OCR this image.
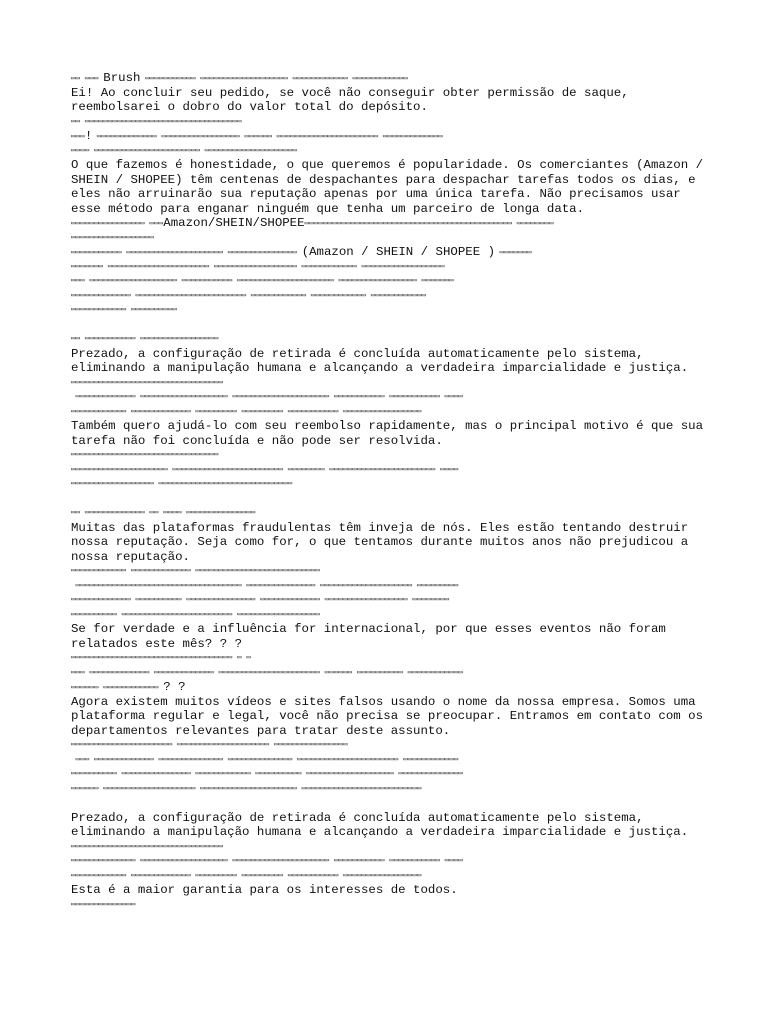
▭▭ ▭▭▭ Brush ▭▭▭▭▭▭▭▭▭▭▭ ▭▭▭▭▭▭▭▭▭▭▭▭▭▭▭▭▭▭▭ ▭▭▭▭▭▭▭▭▭▭▭▭ ▭▭▭▭▭▭▭▭▭▭▭▭
Ei! Ao concluir seu pedido, se você não conseguir obter permissão de saque, reembolsarei o dobro do valor total do depósito.
▭▭ ▭▭▭▭▭▭▭▭▭▭▭▭▭▭▭▭▭▭▭▭▭▭▭▭▭▭▭▭▭▭▭▭▭▭
▭▭▭! ▭▭▭▭▭▭▭▭▭▭▭▭▭ ▭▭▭▭▭▭▭▭▭▭▭▭▭▭▭▭▭ ▭▭▭▭▭▭ ▭▭▭▭▭▭▭▭▭▭▭▭▭▭▭▭▭▭▭▭▭▭ ▭▭▭▭▭▭▭▭▭▭▭▭▭
▭▭▭▭ ▭▭▭▭▭▭▭▭▭▭▭▭▭▭▭▭▭▭▭▭▭▭▭ ▭▭▭▭▭▭▭▭▭▭▭▭▭▭▭▭▭▭▭▭
O que fazemos é honestidade, o que queremos é popularidade. Os comerciantes (Amazon / SHEIN / SHOPEE) têm centenas de despachantes para despachar tarefas todos os dias, e eles não arruinarão sua reputação apenas por uma única tarefa. Não precisamos usar esse método para enganar ninguém que tenha um parceiro de longa data.
▭▭▭▭▭▭▭▭▭▭▭▭▭▭▭▭ ▭▭▭Amazon/SHEIN/SHOPEE▭▭▭▭▭▭▭▭▭▭▭▭▭▭▭▭▭▭▭▭▭▭▭▭▭▭▭▭▭▭▭▭▭▭▭▭▭▭▭▭▭▭▭▭▭ ▭▭▭▭▭▭▭▭
▭▭▭▭▭▭▭▭▭▭▭▭▭▭▭▭▭▭
▭▭▭▭▭▭▭▭▭▭▭ ▭▭▭▭▭▭▭▭▭▭▭▭▭▭▭▭▭▭▭▭▭ ▭▭▭▭▭▭▭▭▭▭▭▭▭▭▭ (Amazon / SHEIN / SHOPEE ) ▭▭▭▭▭▭▭
▭▭▭▭▭▭▭ ▭▭▭▭▭▭▭▭▭▭▭▭▭▭▭▭▭▭▭▭▭▭ ▭▭▭▭▭▭▭▭▭▭▭▭▭▭▭▭▭▭ ▭▭▭▭▭▭▭▭▭▭▭▭ ▭▭▭▭▭▭▭▭▭▭▭▭▭▭▭▭▭▭
▭▭▭ ▭▭▭▭▭▭▭▭▭▭▭▭▭▭▭▭▭▭▭ ▭▭▭▭▭▭▭▭▭▭▭ ▭▭▭▭▭▭▭▭▭▭▭▭▭▭▭▭▭▭▭▭▭ ▭▭▭▭▭▭▭▭▭▭▭▭▭▭▭▭▭ ▭▭▭▭▭▭▭
▭▭▭▭▭▭▭▭▭▭▭▭▭ ▭▭▭▭▭▭▭▭▭▭▭▭▭▭▭▭▭▭▭▭▭▭▭▭ ▭▭▭▭▭▭▭▭▭▭▭▭ ▭▭▭▭▭▭▭▭▭▭▭▭ ▭▭▭▭▭▭▭▭▭▭▭▭
▭▭▭▭▭▭▭▭▭▭▭▭ ▭▭▭▭▭▭▭▭▭▭
▭▭ ▭▭▭▭▭▭▭▭▭▭▭ ▭▭▭▭▭▭▭▭▭▭▭▭▭▭▭▭▭
Prezado, a configuração de retirada é concluída automaticamente pelo sistema, eliminando a manipulação humana e alcançando a verdadeira imparcialidade e justiça.
▭▭▭▭▭▭▭▭▭▭▭▭▭▭▭▭▭▭▭▭▭▭▭▭▭▭▭▭▭▭▭▭▭
▭▭▭▭▭▭▭▭▭▭▭▭▭ ▭▭▭▭▭▭▭▭▭▭▭▭▭▭▭▭▭▭▭ ▭▭▭▭▭▭▭▭▭▭▭▭▭▭▭▭▭▭▭▭▭ ▭▭▭▭▭▭▭▭▭▭▭ ▭▭▭▭▭▭▭▭▭▭▭ ▭▭▭▭
▭▭▭▭▭▭▭▭▭▭▭▭ ▭▭▭▭▭▭▭▭▭▭▭▭▭ ▭▭▭▭▭▭▭▭▭ ▭▭▭▭▭▭▭▭▭ ▭▭▭▭▭▭▭▭▭▭▭ ▭▭▭▭▭▭▭▭▭▭▭▭▭▭▭▭▭
Também quero ajudá-lo com seu reembolso rapidamente, mas o principal motivo é que sua tarefa não foi concluída e não pode ser resolvida.
▭▭▭▭▭▭▭▭▭▭▭▭▭▭▭▭▭▭▭▭▭▭▭▭▭▭▭▭▭▭▭▭
▭▭▭▭▭▭▭▭▭▭▭▭▭▭▭▭▭▭▭▭▭ ▭▭▭▭▭▭▭▭▭▭▭▭▭▭▭▭▭▭▭▭▭▭▭▭ ▭▭▭▭▭▭▭▭ ▭▭▭▭▭▭▭▭▭▭▭▭▭▭▭▭▭▭▭▭▭▭▭ ▭▭▭▭
▭▭▭▭▭▭▭▭▭▭▭▭▭▭▭▭▭▭ ▭▭▭▭▭▭▭▭▭▭▭▭▭▭▭▭▭▭▭▭▭▭▭▭▭▭▭▭▭
▭▭ ▭▭▭▭▭▭▭▭▭▭▭▭▭ ▭▭ ▭▭▭▭ ▭▭▭▭▭▭▭▭▭▭▭▭▭▭▭
Muitas das plataformas fraudulentas têm inveja de nós. Eles estão tentando destruir nossa reputação. Seja como for, o que tentamos durante muitos anos não prejudicou a nossa reputação.
▭▭▭▭▭▭▭▭▭▭▭▭ ▭▭▭▭▭▭▭▭▭▭▭▭▭ ▭▭▭▭▭▭▭▭▭▭▭▭▭▭▭▭▭▭▭▭▭▭▭▭▭▭▭
▭▭▭▭▭▭▭▭▭▭▭▭▭▭▭▭▭▭▭▭▭▭▭▭▭▭▭▭▭▭▭▭▭▭▭▭ ▭▭▭▭▭▭▭▭▭▭▭▭▭▭▭ ▭▭▭▭▭▭▭▭▭▭▭▭▭▭▭▭▭▭▭▭ ▭▭▭▭▭▭▭▭▭
▭▭▭▭▭▭▭▭▭▭▭▭▭ ▭▭▭▭▭▭▭▭▭▭ ▭▭▭▭▭▭▭▭▭▭▭▭▭▭▭ ▭▭▭▭▭▭▭▭▭▭▭▭▭ ▭▭▭▭▭▭▭▭▭▭▭▭▭▭▭▭▭▭ ▭▭▭▭▭▭▭▭
▭▭▭▭▭▭▭▭▭▭ ▭▭▭▭▭▭▭▭▭▭▭▭▭▭▭▭▭▭▭▭▭▭▭▭ ▭▭▭▭▭▭▭▭▭▭▭▭▭▭▭▭▭▭
Se for verdade e a influência for internacional, por que esses eventos não foram relatados este mês? ? ?
▭▭▭▭▭▭▭▭▭▭▭▭▭▭▭▭▭▭▭▭▭▭▭▭▭▭▭▭▭▭▭▭▭▭▭ ▭ ▭
▭▭▭ ▭▭▭▭▭▭▭▭▭▭▭▭▭ ▭▭▭▭▭▭▭▭▭▭▭▭▭ ▭▭▭▭▭▭▭▭▭▭▭▭▭▭▭▭▭▭▭▭▭▭ ▭▭▭▭▭▭ ▭▭▭▭▭▭▭▭▭▭ ▭▭▭▭▭▭▭▭▭▭▭▭
▭▭▭▭▭▭ ▭▭▭▭▭▭▭▭▭▭▭▭ ? ?
Agora existem muitos vídeos e sites falsos usando o nome da nossa empresa. Somos uma plataforma regular e legal, você não precisa se preocupar. Entramos em contato com os departamentos relevantes para tratar deste assunto.
▭▭▭▭▭▭▭▭▭▭▭▭▭▭▭▭▭▭▭▭▭▭ ▭▭▭▭▭▭▭▭▭▭▭▭▭▭▭▭▭▭▭▭ ▭▭▭▭▭▭▭▭▭▭▭▭▭▭▭▭
▭▭▭ ▭▭▭▭▭▭▭▭▭▭▭▭▭ ▭▭▭▭▭▭▭▭▭▭▭▭▭▭ ▭▭▭▭▭▭▭▭▭▭▭▭▭▭ ▭▭▭▭▭▭▭▭▭▭▭▭▭▭▭▭▭▭▭▭▭▭ ▭▭▭▭▭▭▭▭▭▭▭▭
▭▭▭▭▭▭▭▭▭▭ ▭▭▭▭▭▭▭▭▭▭▭▭▭▭▭ ▭▭▭▭▭▭▭▭▭▭▭▭ ▭▭▭▭▭▭▭▭▭▭ ▭▭▭▭▭▭▭▭▭▭▭▭▭▭▭▭▭▭▭ ▭▭▭▭▭▭▭▭▭▭▭▭▭▭
▭▭▭▭▭▭ ▭▭▭▭▭▭▭▭▭▭▭▭▭▭▭▭▭▭▭▭ ▭▭▭▭▭▭▭▭▭▭▭▭▭▭▭▭▭▭▭▭▭ ▭▭▭▭▭▭▭▭▭▭▭▭▭▭▭▭▭▭▭▭▭▭▭▭▭▭
Prezado, a configuração de retirada é concluída automaticamente pelo sistema, eliminando a manipulação humana e alcançando a verdadeira imparcialidade e justiça.
▭▭▭▭▭▭▭▭▭▭▭▭▭▭▭▭▭▭▭▭▭▭▭▭▭▭▭▭▭▭▭▭▭
▭▭▭▭▭▭▭▭▭▭▭▭▭▭ ▭▭▭▭▭▭▭▭▭▭▭▭▭▭▭▭▭▭▭ ▭▭▭▭▭▭▭▭▭▭▭▭▭▭▭▭▭▭▭▭▭ ▭▭▭▭▭▭▭▭▭▭▭ ▭▭▭▭▭▭▭▭▭▭▭ ▭▭▭▭
▭▭▭▭▭▭▭▭▭▭▭▭ ▭▭▭▭▭▭▭▭▭▭▭▭▭ ▭▭▭▭▭▭▭▭▭ ▭▭▭▭▭▭▭▭▭ ▭▭▭▭▭▭▭▭▭▭▭ ▭▭▭▭▭▭▭▭▭▭▭▭▭▭▭▭▭
Esta é a maior garantia para os interesses de todos.
▭▭▭▭▭▭▭▭▭▭▭▭▭▭
